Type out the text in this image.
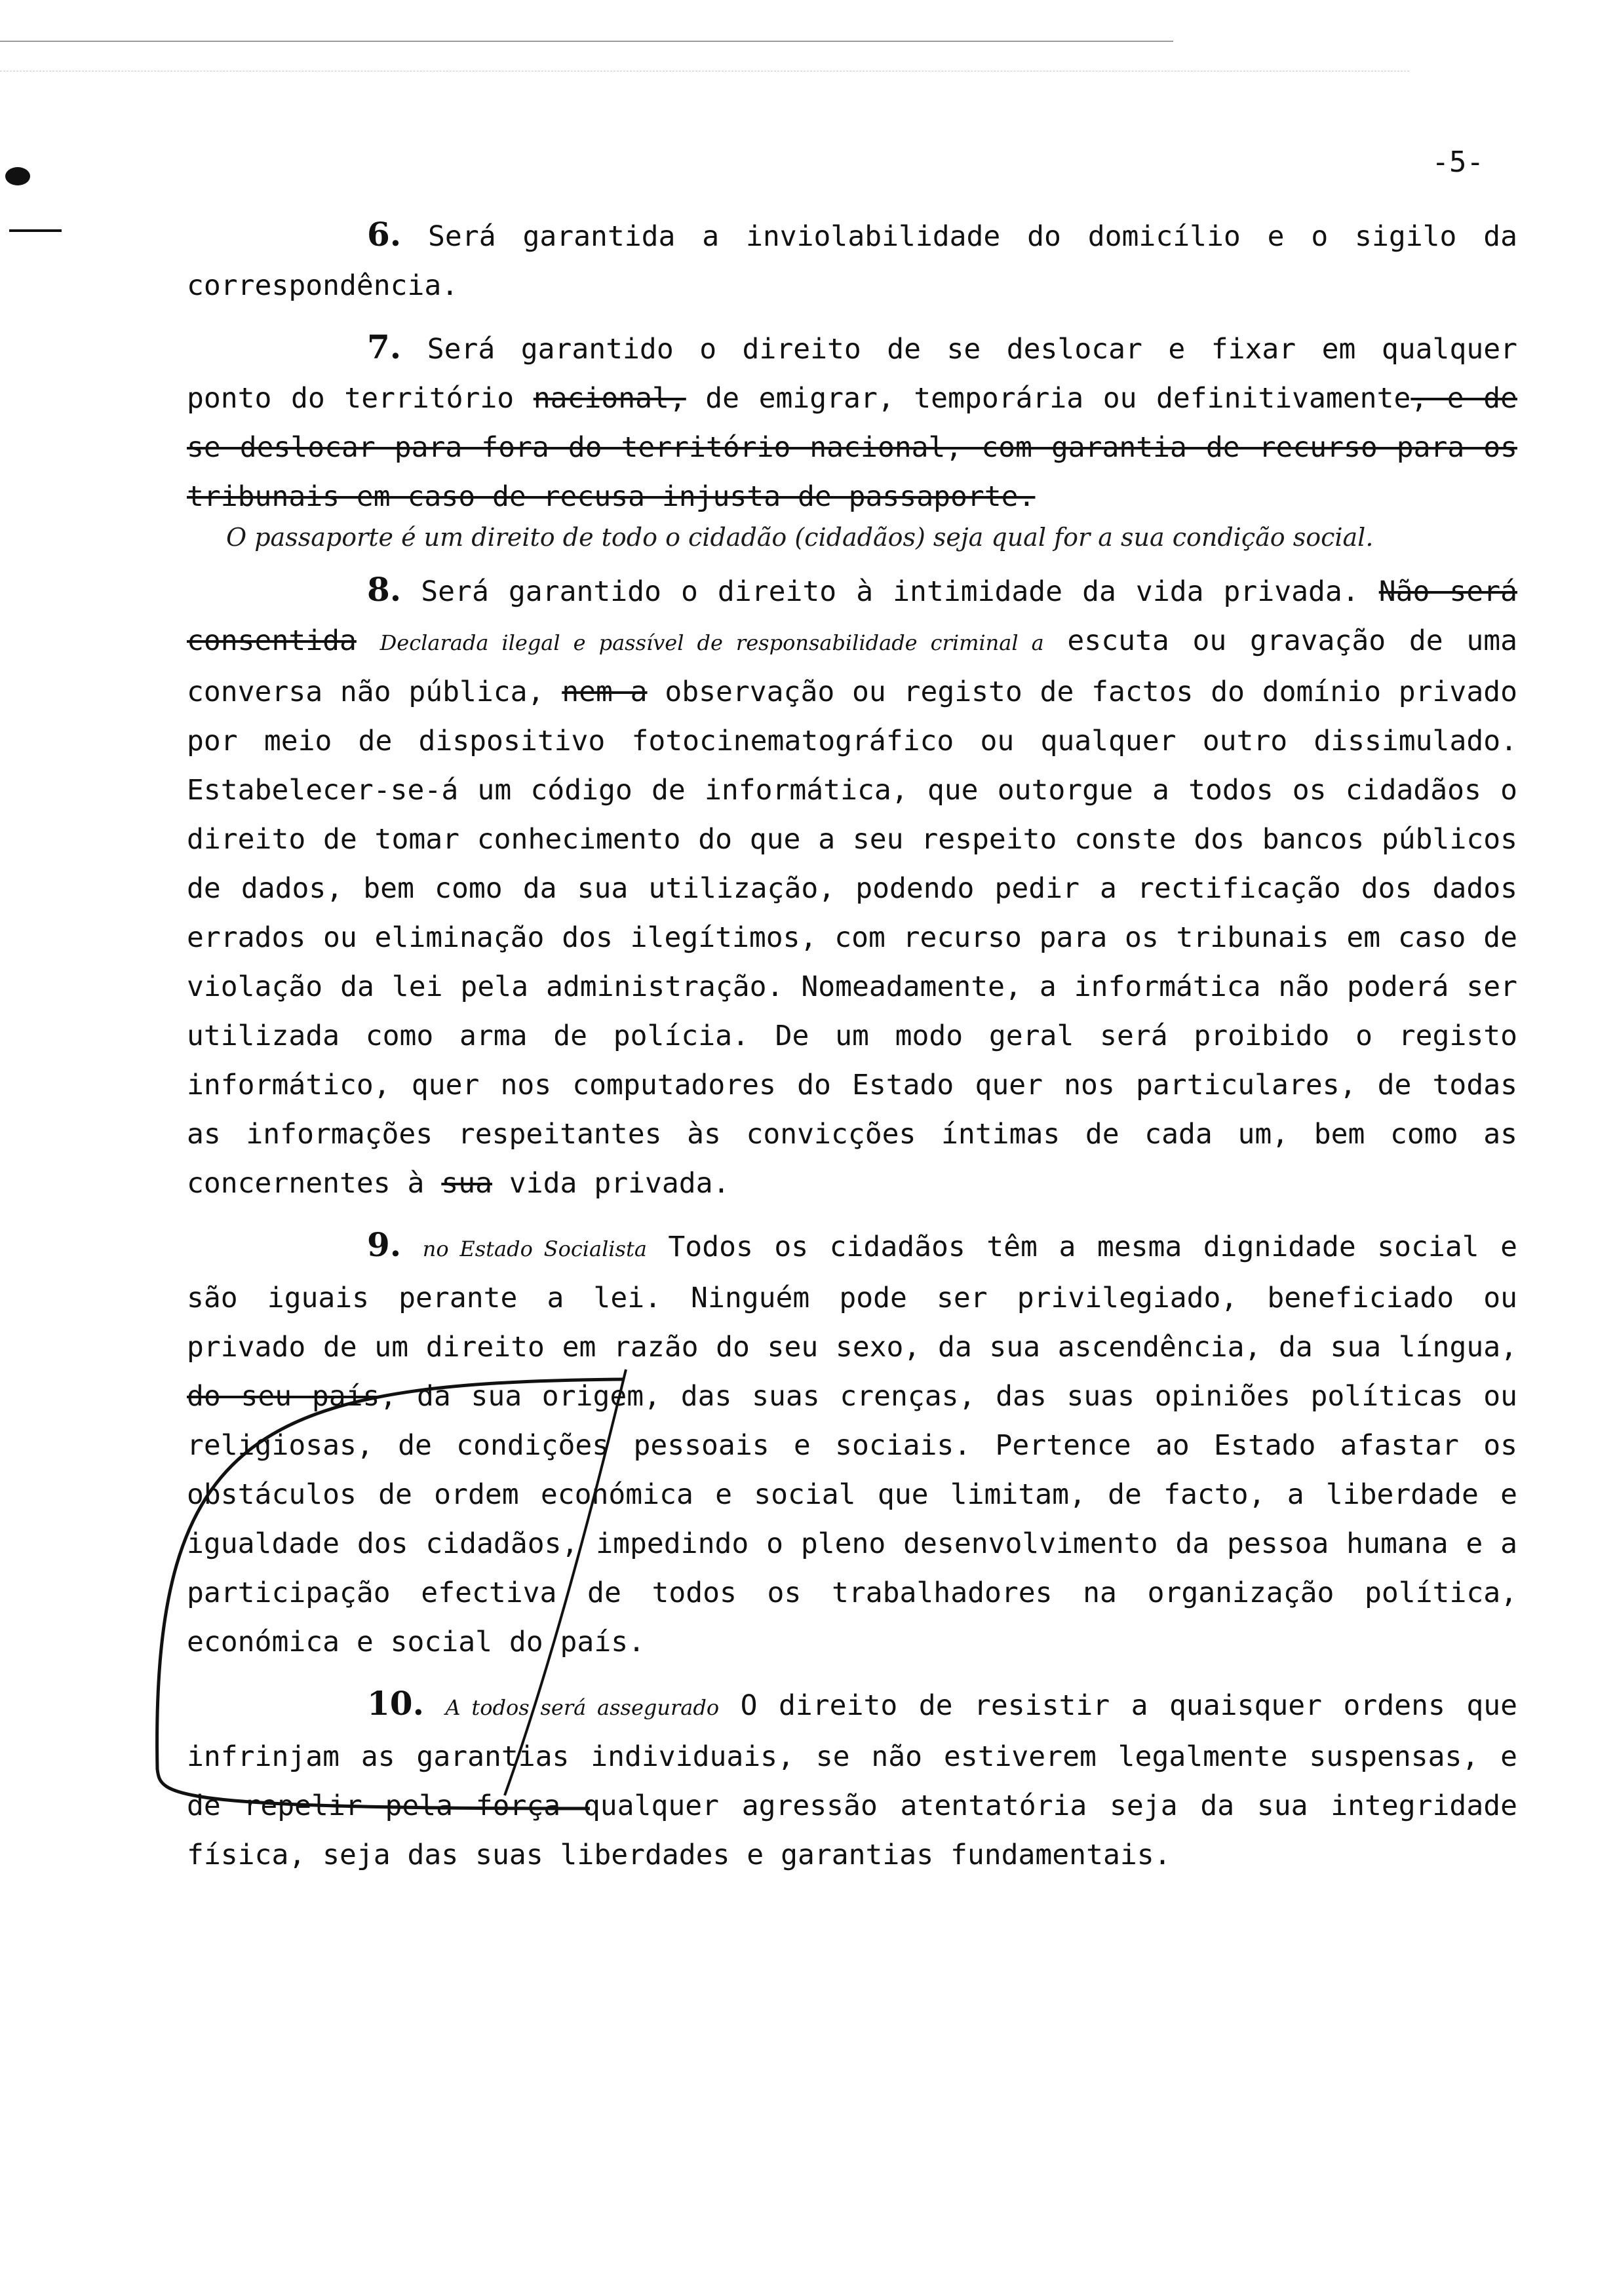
-5-

6. Será garantida a inviolabilidade do domicílio e o sigilo da correspondência.

7. Será garantido o direito de se deslocar e fixar em qualquer ponto do território nacional, de emigrar, temporária ou definitivamente, e de se deslocar para fora do território nacional, com garantia de recurso para os tribunais em caso de recusa injusta de passaporte.
O passaporte é um direito de todo o cidadão (cidadãos) seja qual for a sua condição social.

8. Será garantido o direito à intimidade da vida privada. Não será consentida Declarada ilegal e passível de responsabilidade criminal a escuta ou gravação de uma conversa não pública, nem a observação ou registo de factos do domínio privado por meio de dispositivo fotocinematográfico ou qualquer outro dissimulado. Estabelecer-se-á um código de informática, que outorgue a todos os cidadãos o direito de tomar conhecimento do que a seu respeito conste dos bancos públicos de dados, bem como da sua utilização, podendo pedir a rectificação dos dados errados ou eliminação dos ilegítimos, com recurso para os tribunais em caso de violação da lei pela administração. Nomeadamente, a informática não poderá ser utilizada como arma de polícia. De um modo geral será proibido o registo informático, quer nos computadores do Estado quer nos particulares, de todas as informações respeitantes às convicções íntimas de cada um, bem como as concernentes à sua vida privada.

9. no Estado Socialista Todos os cidadãos têm a mesma dignidade social e são iguais perante a lei. Ninguém pode ser privilegiado, beneficiado ou privado de um direito em razão do seu sexo, da sua ascendência, da sua língua, do seu país, da sua origem, das suas crenças, das suas opiniões políticas ou religiosas, de condições pessoais e sociais. Pertence ao Estado afastar os obstáculos de ordem económica e social que limitam, de facto, a liberdade e igualdade dos cidadãos, impedindo o pleno desenvolvimento da pessoa humana e a participação efectiva de todos os trabalhadores na organização política, económica e social do país.

10. A todos será assegurado O direito de resistir a quaisquer ordens que infrinjam as garantias individuais, se não estiverem legalmente suspensas, e de repelir pela força qualquer agressão atentatória seja da sua integridade física, seja das suas liberdades e garantias fundamentais.
